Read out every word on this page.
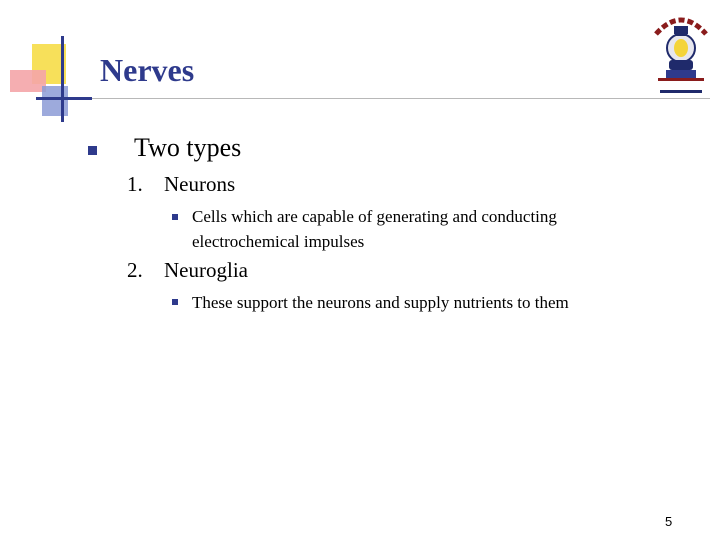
Nerves
Two types
1. Neurons
Cells which are capable of generating and conducting
electrochemical impulses
2. Neuroglia
These support the neurons and supply nutrients to them
5
